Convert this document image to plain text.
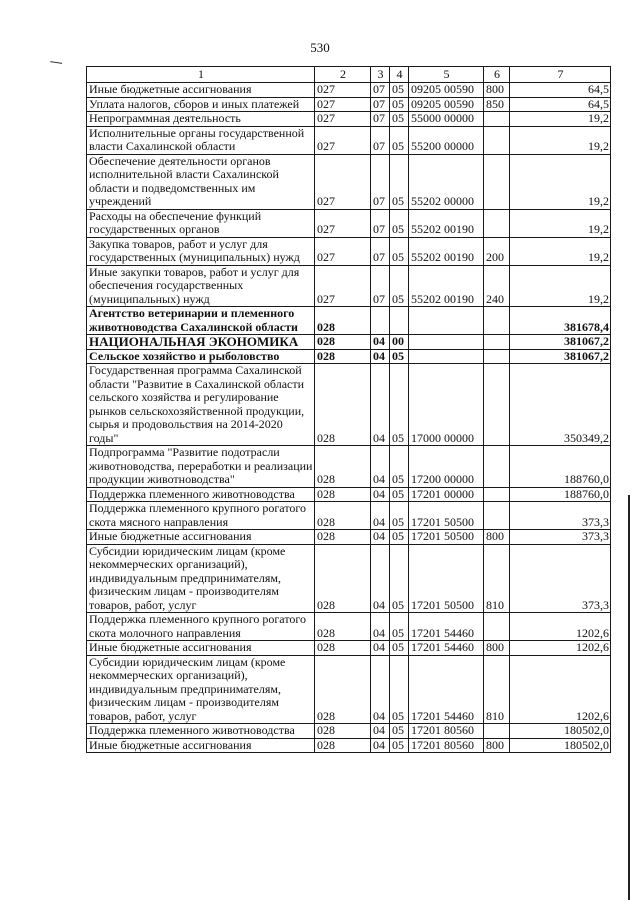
530
1	2	3	4	5	6	7
Иные бюджетные ассигнования	027	07	05	09205 00590	800	64,5
Уплата налогов, сборов и иных платежей	027	07	05	09205 00590	850	64,5
Непрограммная деятельность	027	07	05	55000 00000		19,2
Исполнительные органы государственной власти Сахалинской области	027	07	05	55200 00000		19,2
Обеспечение деятельности органов исполнительной власти Сахалинской области и подведомственных им учреждений	027	07	05	55202 00000		19,2
Расходы на обеспечение функций государственных органов	027	07	05	55202 00190		19,2
Закупка товаров, работ и услуг для государственных (муниципальных) нужд	027	07	05	55202 00190	200	19,2
Иные закупки товаров, работ и услуг для обеспечения государственных (муниципальных) нужд	027	07	05	55202 00190	240	19,2
Агентство ветеринарии и племенного животноводства Сахалинской области	028					381678,4
НАЦИОНАЛЬНАЯ ЭКОНОМИКА	028	04	00			381067,2
Сельское хозяйство и рыболовство	028	04	05			381067,2
Государственная программа Сахалинской области "Развитие в Сахалинской области сельского хозяйства и регулирование рынков сельскохозяйственной продукции, сырья и продовольствия на 2014-2020 годы"	028	04	05	17000 00000		350349,2
Подпрограмма "Развитие подотрасли животноводства, переработки и реализации продукции животноводства"	028	04	05	17200 00000		188760,0
Поддержка племенного животноводства	028	04	05	17201 00000		188760,0
Поддержка племенного крупного рогатого скота мясного направления	028	04	05	17201 50500		373,3
Иные бюджетные ассигнования	028	04	05	17201 50500	800	373,3
Субсидии юридическим лицам (кроме некоммерческих организаций), индивидуальным предпринимателям, физическим лицам - производителям товаров, работ, услуг	028	04	05	17201 50500	810	373,3
Поддержка племенного крупного рогатого скота молочного направления	028	04	05	17201 54460		1202,6
Иные бюджетные ассигнования	028	04	05	17201 54460	800	1202,6
Субсидии юридическим лицам (кроме некоммерческих организаций), индивидуальным предпринимателям, физическим лицам - производителям товаров, работ, услуг	028	04	05	17201 54460	810	1202,6
Поддержка племенного животноводства	028	04	05	17201 80560		180502,0
Иные бюджетные ассигнования	028	04	05	17201 80560	800	180502,0
